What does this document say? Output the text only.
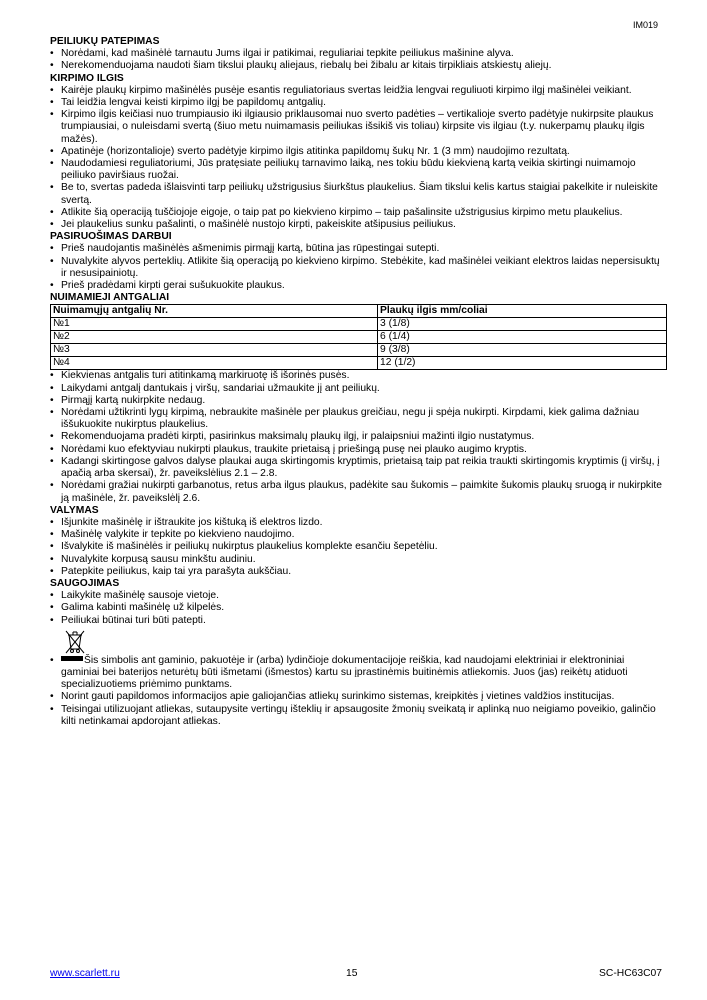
IM019
PEILIUKŲ PATEPIMAS
• Norėdami, kad mašinėlė tarnautu Jums ilgai ir patikimai, reguliariai tepkite peiliukus mašinine alyva.
• Nerekomenduojama naudoti šiam tikslui plaukų aliejaus, riebalų bei žibalu ar kitais tirpikliais atskiestų aliejų.
KIRPIMO ILGIS
• Kairėje plaukų kirpimo mašinėlės pusėje esantis reguliatoriaus svertas leidžia lengvai reguliuoti kirpimo ilgį mašinėlei veikiant.
• Tai leidžia lengvai keisti kirpimo ilgį be papildomų antgalių.
• Kirpimo ilgis keičiasi nuo trumpiausio iki ilgiausio priklausomai nuo sverto padėties – vertikalioje sverto padėtyje nukirpsite plaukus trumpiausiai, o nuleisdami svertą (šiuo metu nuimamasis peiliukas išsikiš vis toliau) kirpsite vis ilgiau (t.y. nukerpamų plaukų ilgis mažės).
• Apatinėje (horizontalioje) sverto padėtyje kirpimo ilgis atitinka papildomų šukų Nr. 1 (3 mm) naudojimo rezultatą.
• Naudodamiesi reguliatoriumi, Jūs pratęsiate peiliukų tarnavimo laiką, nes tokiu būdu kiekvieną kartą veikia skirtingi nuimamojo peiliuko paviršiaus ruožai.
• Be to, svertas padeda išlaisvinti tarp peiliukų užstrigusius šiurkštus plaukelius. Šiam tikslui kelis kartus staigiai pakelkite ir nuleiskite svertą.
• Atlikite šią operaciją tuščiojoje eigoje, o taip pat po kiekvieno kirpimo – taip pašalinsite užstrigusius kirpimo metu plaukelius.
• Jei plaukelius sunku pašalinti, o mašinėlė nustojo kirpti, pakeiskite atšipusius peiliukus.
PASIRUOŠIMAS DARBUI
• Prieš naudojantis mašinėlės ašmenimis pirmąjį kartą, būtina jas rūpestingai sutepti.
• Nuvalykite alyvos perteklių. Atlikite šią operaciją po kiekvieno kirpimo. Stebėkite, kad mašinėlei veikiant elektros laidas nepersisuktų ir nesusipainiotų.
• Prieš pradėdami kirpti gerai sušukuokite plaukus.
NUIMAMIEJI ANTGALIAI
Nuimamųjų antgalių Nr.	Plaukų ilgis mm/coliai
№1	3 (1/8)
№2	6 (1/4)
№3	9 (3/8)
№4	12 (1/2)
• Kiekvienas antgalis turi atitinkamą markiruotę iš išorinės pusės.
• Laikydami antgalį dantukais į viršų, sandariai užmaukite jį ant peiliukų.
• Pirmąjį kartą nukirpkite nedaug.
• Norėdami užtikrinti lygų kirpimą, nebraukite mašinėle per plaukus greičiau, negu ji spėja nukirpti. Kirpdami, kiek galima dažniau iššukuokite nukirptus plaukelius.
• Rekomenduojama pradėti kirpti, pasirinkus maksimalų plaukų ilgį, ir palaipsniui mažinti ilgio nustatymus.
• Norėdami kuo efektyviau nukirpti plaukus, traukite prietaisą į priešingą pusę nei plauko augimo kryptis.
• Kadangi skirtingose galvos dalyse plaukai auga skirtingomis kryptimis, prietaisą taip pat reikia traukti skirtingomis kryptimis (į viršų, į apačią arba skersai), žr. paveikslėlius 2.1 – 2.8.
• Norėdami gražiai nukirpti garbanotus, retus arba ilgus plaukus, padėkite sau šukomis – paimkite šukomis plaukų sruogą ir nukirpkite ją mašinėle, žr. paveikslėlį 2.6.
VALYMAS
• Išjunkite mašinėlę ir ištraukite jos kištuką iš elektros lizdo.
• Mašinėlę valykite ir tepkite po kiekvieno naudojimo.
• Išvalykite iš mašinėlės ir peiliukų nukirptus plaukelius komplekte esančiu šepetėliu.
• Nuvalykite korpusą sausu minkštu audiniu.
• Patepkite peiliukus, kaip tai yra parašyta aukščiau.
SAUGOJIMAS
• Laikykite mašinėlę sausoje vietoje.
• Galima kabinti mašinėlę už kilpelės.
• Peiliukai būtinai turi būti patepti.
• Šis simbolis ant gaminio, pakuotėje ir (arba) lydinčioje dokumentacijoje reiškia, kad naudojami elektriniai ir elektroniniai gaminiai bei baterijos neturėtų būti išmetami (išmestos) kartu su įprastinėmis buitinėmis atliekomis. Juos (jas) reikėtų atiduoti specializuotiems priėmimo punktams.
• Norint gauti papildomos informacijos apie galiojančias atliekų surinkimo sistemas, kreipkitės į vietines valdžios institucijas.
• Teisingai utilizuojant atliekas, sutaupysite vertingų išteklių ir apsaugosite žmonių sveikatą ir aplinką nuo neigiamo poveikio, galinčio kilti netinkamai apdorojant atliekas.
www.scarlett.ru	15	SC-HC63C07
